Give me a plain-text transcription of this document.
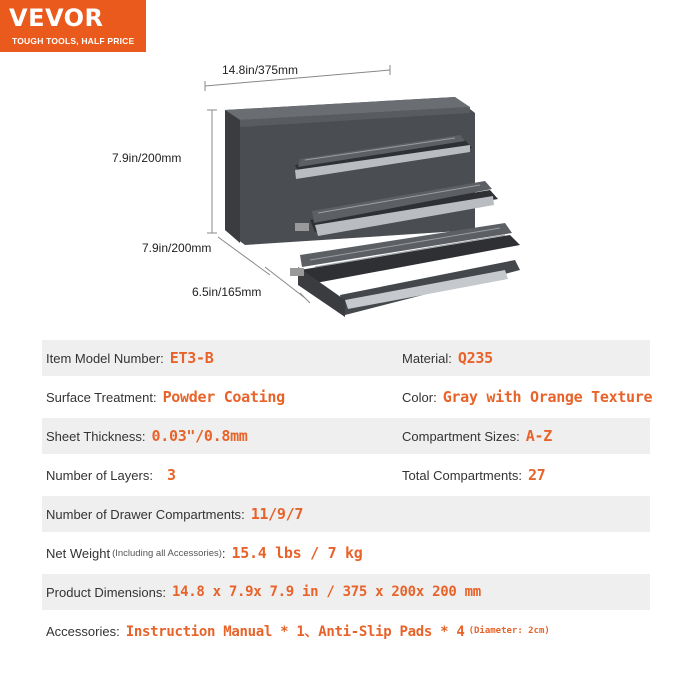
VEVOR
TOUGH TOOLS, HALF PRICE
14.8in/375mm
7.9in/200mm
7.9in/200mm
6.5in/165mm
Item Model Number : ET3-B	Material : Q235
Surface Treatment : Powder Coating	Color : Gray with Orange Texture
Sheet Thickness : 0.03"/0.8mm	Compartment Sizes : A-Z
Number of Layers : 3	Total Compartments : 27
Number of Drawer Compartments : 11/9/7
Net Weight (Including all Accessories) : 15.4 lbs / 7 kg
Product Dimensions : 14.8 x 7.9x 7.9 in / 375 x 200x 200 mm
Accessories : Instruction Manual * 1、Anti-Slip Pads * 4 (Diameter: 2cm)
